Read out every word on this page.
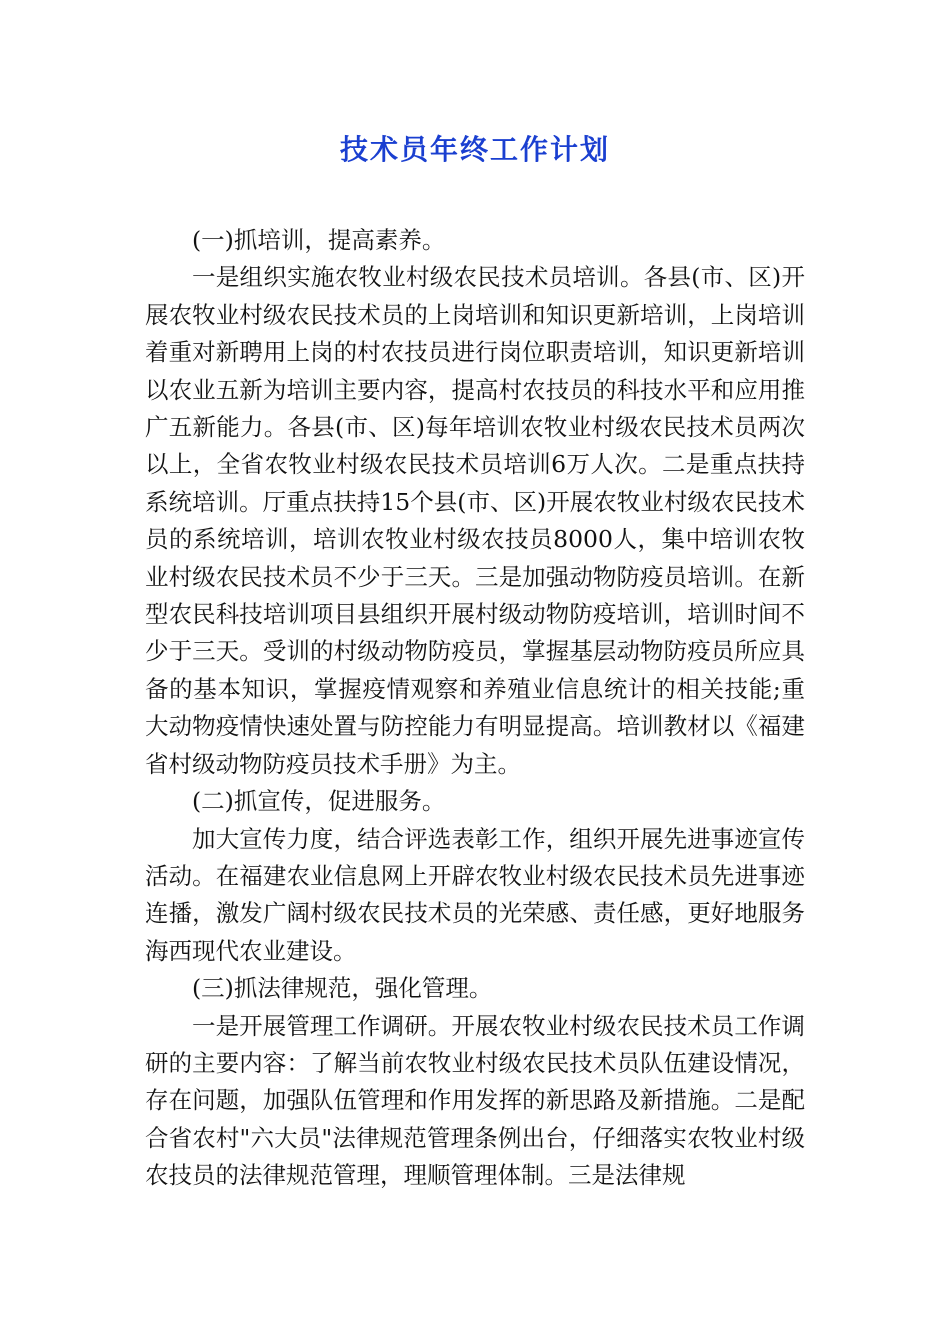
技术员年终工作计划

(一)抓培训，提高素养。

一是组织实施农牧业村级农民技术员培训。各县(市、区)开展农牧业村级农民技术员的上岗培训和知识更新培训，上岗培训着重对新聘用上岗的村农技员进行岗位职责培训，知识更新培训以农业五新为培训主要内容，提高村农技员的科技水平和应用推广五新能力。各县(市、区)每年培训农牧业村级农民技术员两次以上，全省农牧业村级农民技术员培训6万人次。二是重点扶持系统培训。厅重点扶持15个县(市、区)开展农牧业村级农民技术员的系统培训，培训农牧业村级农技员8000人，集中培训农牧业村级农民技术员不少于三天。三是加强动物防疫员培训。在新型农民科技培训项目县组织开展村级动物防疫培训，培训时间不少于三天。受训的村级动物防疫员，掌握基层动物防疫员所应具备的基本知识，掌握疫情观察和养殖业信息统计的相关技能;重大动物疫情快速处置与防控能力有明显提高。培训教材以《福建省村级动物防疫员技术手册》为主。

(二)抓宣传，促进服务。

加大宣传力度，结合评选表彰工作，组织开展先进事迹宣传活动。在福建农业信息网上开辟农牧业村级农民技术员先进事迹连播，激发广阔村级农民技术员的光荣感、责任感，更好地服务海西现代农业建设。

(三)抓法律规范，强化管理。

一是开展管理工作调研。开展农牧业村级农民技术员工作调研的主要内容：了解当前农牧业村级农民技术员队伍建设情况，存在问题，加强队伍管理和作用发挥的新思路及新措施。二是配合省农村"六大员"法律规范管理条例出台，仔细落实农牧业村级农技员的法律规范管理，理顺管理体制。三是法律规
